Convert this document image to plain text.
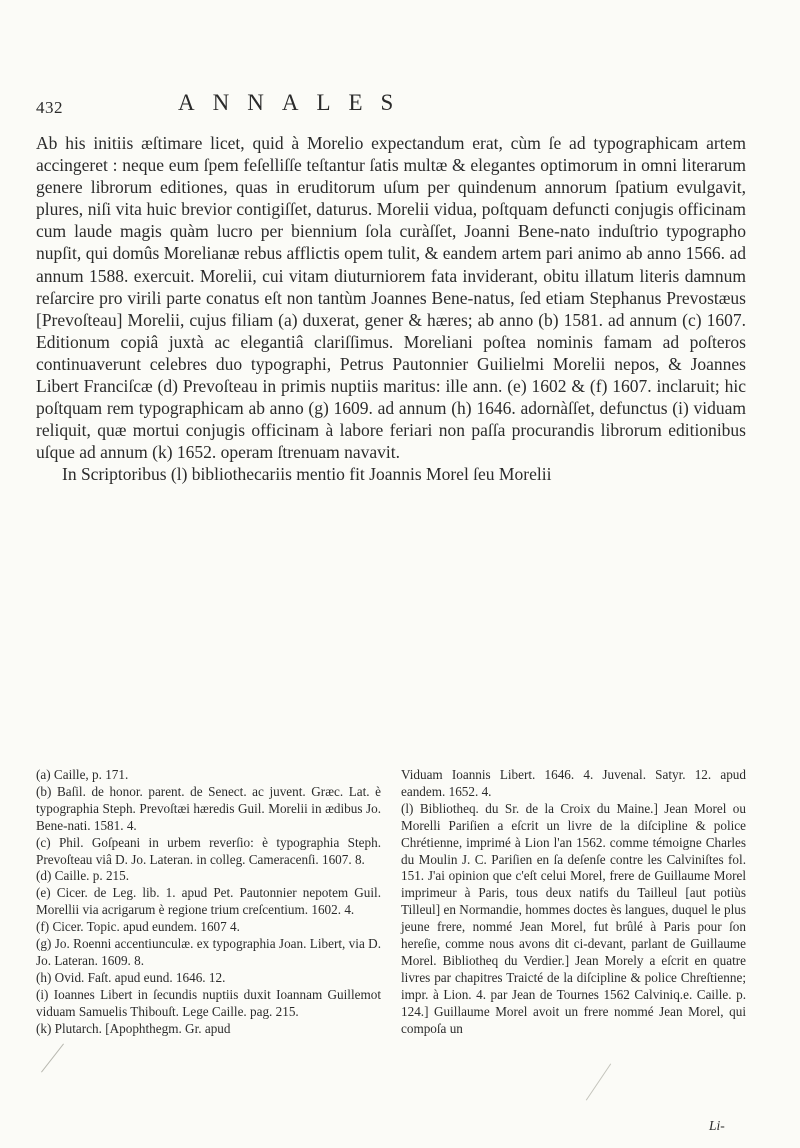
432	ANNALES

Ab his initiis æſtimare licet, quid à Morelio expectandum erat, cùm ſe ad typographicam artem accingeret : neque eum ſpem feſelliſſe teſtantur ſatis multæ & elegantes optimorum in omni literarum genere librorum editiones, quas in eruditorum uſum per quindenum annorum ſpatium evulgavit, plures, niſi vita huic brevior contigiſſet, daturus. Morelii vidua, poſtquam defuncti conjugis officinam cum laude magis quàm lucro per biennium ſola curàſſet, Joanni Bene-nato induſtrio typographo nupſit, qui domûs Morelianæ rebus afflictis opem tulit, & eandem artem pari animo ab anno 1566. ad annum 1588. exercuit. Morelii, cui vitam diuturniorem fata inviderant, obitu illatum literis damnum reſarcire pro virili parte conatus eſt non tantùm Joannes Bene-natus, ſed etiam Stephanus Prevostæus [Prevoſteau] Morelii, cujus filiam (a) duxerat, gener & hæres; ab anno (b) 1581. ad annum (c) 1607. Editionum copiâ juxtà ac elegantiâ clariſſimus. Moreliani poſtea nominis famam ad poſteros continuaverunt celebres duo typographi, Petrus Pautonnier Guilielmi Morelii nepos, & Joannes Libert Franciſcæ (d) Prevoſteau in primis nuptiis maritus: ille ann. (e) 1602 & (f) 1607. inclaruit; hic poſtquam rem typographicam ab anno (g) 1609. ad annum (h) 1646. adornàſſet, defunctus (i) viduam reliquit, quæ mortui conjugis officinam à labore feriari non paſſa procurandis librorum editionibus uſque ad annum (k) 1652. operam ſtrenuam navavit.

In Scriptoribus (l) bibliothecariis mentio fit Joannis Morel ſeu Morelii

(a) Caille, p. 171.

(b) Baſil. de honor. parent. de Senect. ac juvent. Græc. Lat. è typographia Steph. Prevoſtæi hæredis Guil. Morelii in ædibus Jo. Bene-nati. 1581. 4.

(c) Phil. Goſpeani in urbem reverſio: è typographia Steph. Prevoſteau viâ D. Jo. Lateran. in colleg. Cameracenſi. 1607. 8.

(d) Caille. p. 215.

(e) Cicer. de Leg. lib. 1. apud Pet. Pautonnier nepotem Guil. Morellii via acrigarum è regione trium creſcentium. 1602. 4.

(f) Cicer. Topic. apud eundem. 1607 4.

(g) Jo. Roenni accentiunculæ. ex typographia Joan. Libert, via D. Jo. Lateran. 1609. 8.

(h) Ovid. Faſt. apud eund. 1646. 12.

(i) Ioannes Libert in ſecundis nuptiis duxit Ioannam Guillemot viduam Samuelis Thibouſt. Lege Caille. pag. 215.

(k) Plutarch. [Apophthegm. Gr. apud

Viduam Ioannis Libert. 1646. 4. Juvenal. Satyr. 12. apud eandem. 1652. 4.

(l) Bibliotheq. du Sr. de la Croix du Maine.] Jean Morel ou Morelli Pariſien a eſcrit un livre de la diſcipline & police Chrétienne, imprimé à Lion l'an 1562. comme témoigne Charles du Moulin J. C. Pariſien en ſa deſenſe contre les Calviniſtes fol. 151. J'ai opinion que c'eſt celui Morel, frere de Guillaume Morel imprimeur à Paris, tous deux natifs du Tailleul [aut potiùs Tilleul] en Normandie, hommes doctes ès langues, duquel le plus jeune frere, nommé Jean Morel, fut brûlé à Paris pour ſon hereſie, comme nous avons dit ci-devant, parlant de Guillaume Morel. Bibliotheq du Verdier.] Jean Morely a eſcrit en quatre livres par chapitres Traicté de la diſcipline & police Chreſtienne; impr. à Lion. 4. par Jean de Tournes 1562 Calviniq.e. Caille. p. 124.] Guillaume Morel avoit un frere nommé Jean Morel, qui compoſa un

Li-
